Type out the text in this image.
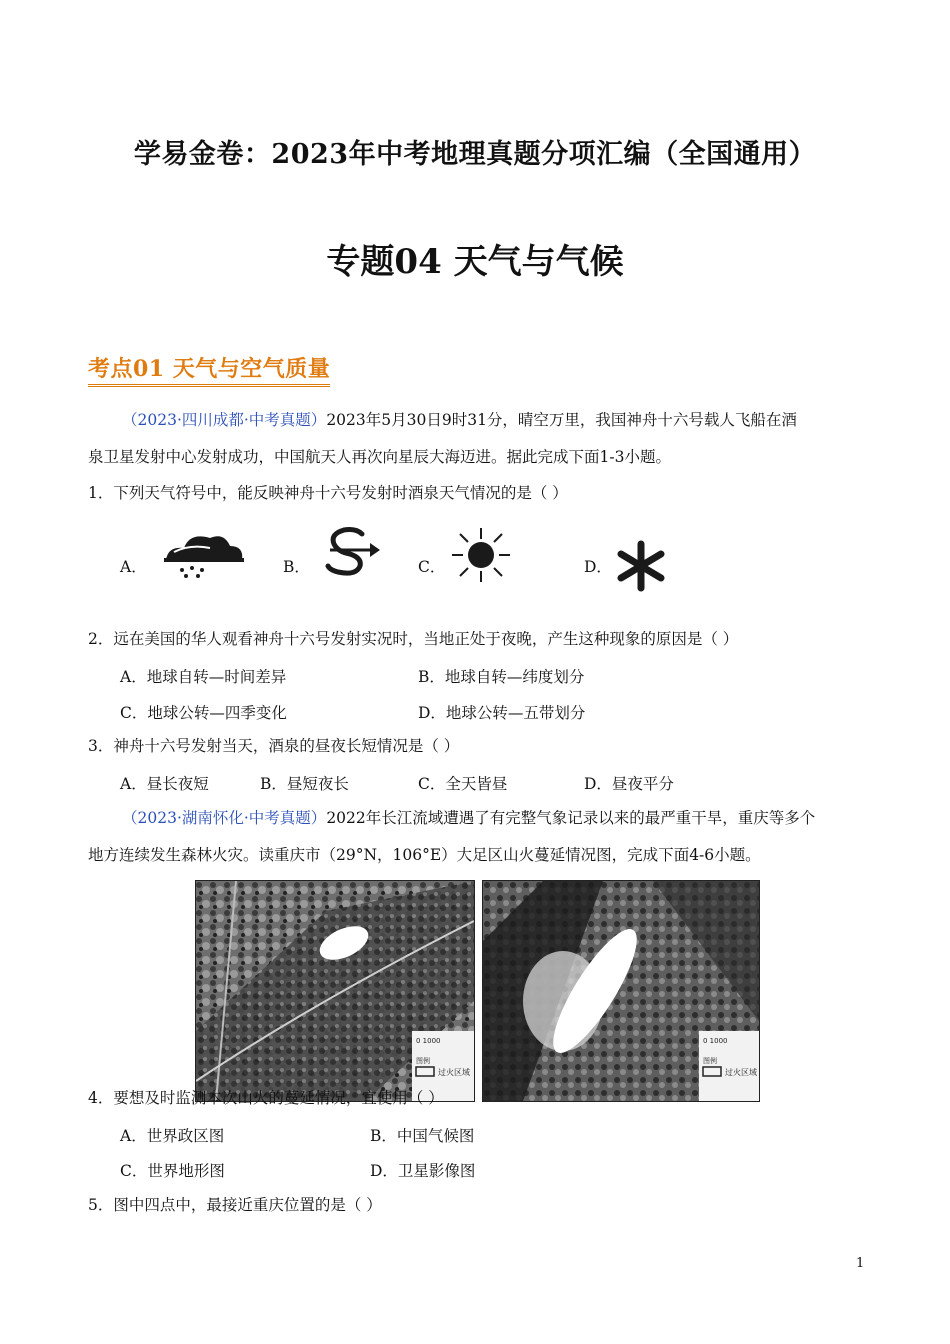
学易金卷：2023年中考地理真题分项汇编（全国通用）
专题04 天气与气候
考点01 天气与空气质量
（2023·四川成都·中考真题）2023年5月30日9时31分，晴空万里，我国神舟十六号载人飞船在酒
泉卫星发射中心发射成功，中国航天人再次向星辰大海迈进。据此完成下面1-3小题。
1．下列天气符号中，能反映神舟十六号发射时酒泉天气情况的是（ ）
A．	B．	C．	D．
2．远在美国的华人观看神舟十六号发射实况时，当地正处于夜晚，产生这种现象的原因是（ ）
A．地球自转—时间差异	B．地球自转—纬度划分
C．地球公转—四季变化	D．地球公转—五带划分
3．神舟十六号发射当天，酒泉的昼夜长短情况是（ ）
A．昼长夜短	B．昼短夜长	C．全天皆昼	D．昼夜平分
（2023·湖南怀化·中考真题）2022年长江流域遭遇了有完整气象记录以来的最严重干旱，重庆等多个
地方连续发生森林火灾。读重庆市（29°N，106°E）大足区山火蔓延情况图，完成下面4-6小题。
0 1000
图例
过火区域
0 1000
图例
过火区域
4．要想及时监测本次山火的蔓延情况，宜使用（ ）
A．世界政区图	B．中国气候图
C．世界地形图	D．卫星影像图
5．图中四点中，最接近重庆位置的是（ ）
1
